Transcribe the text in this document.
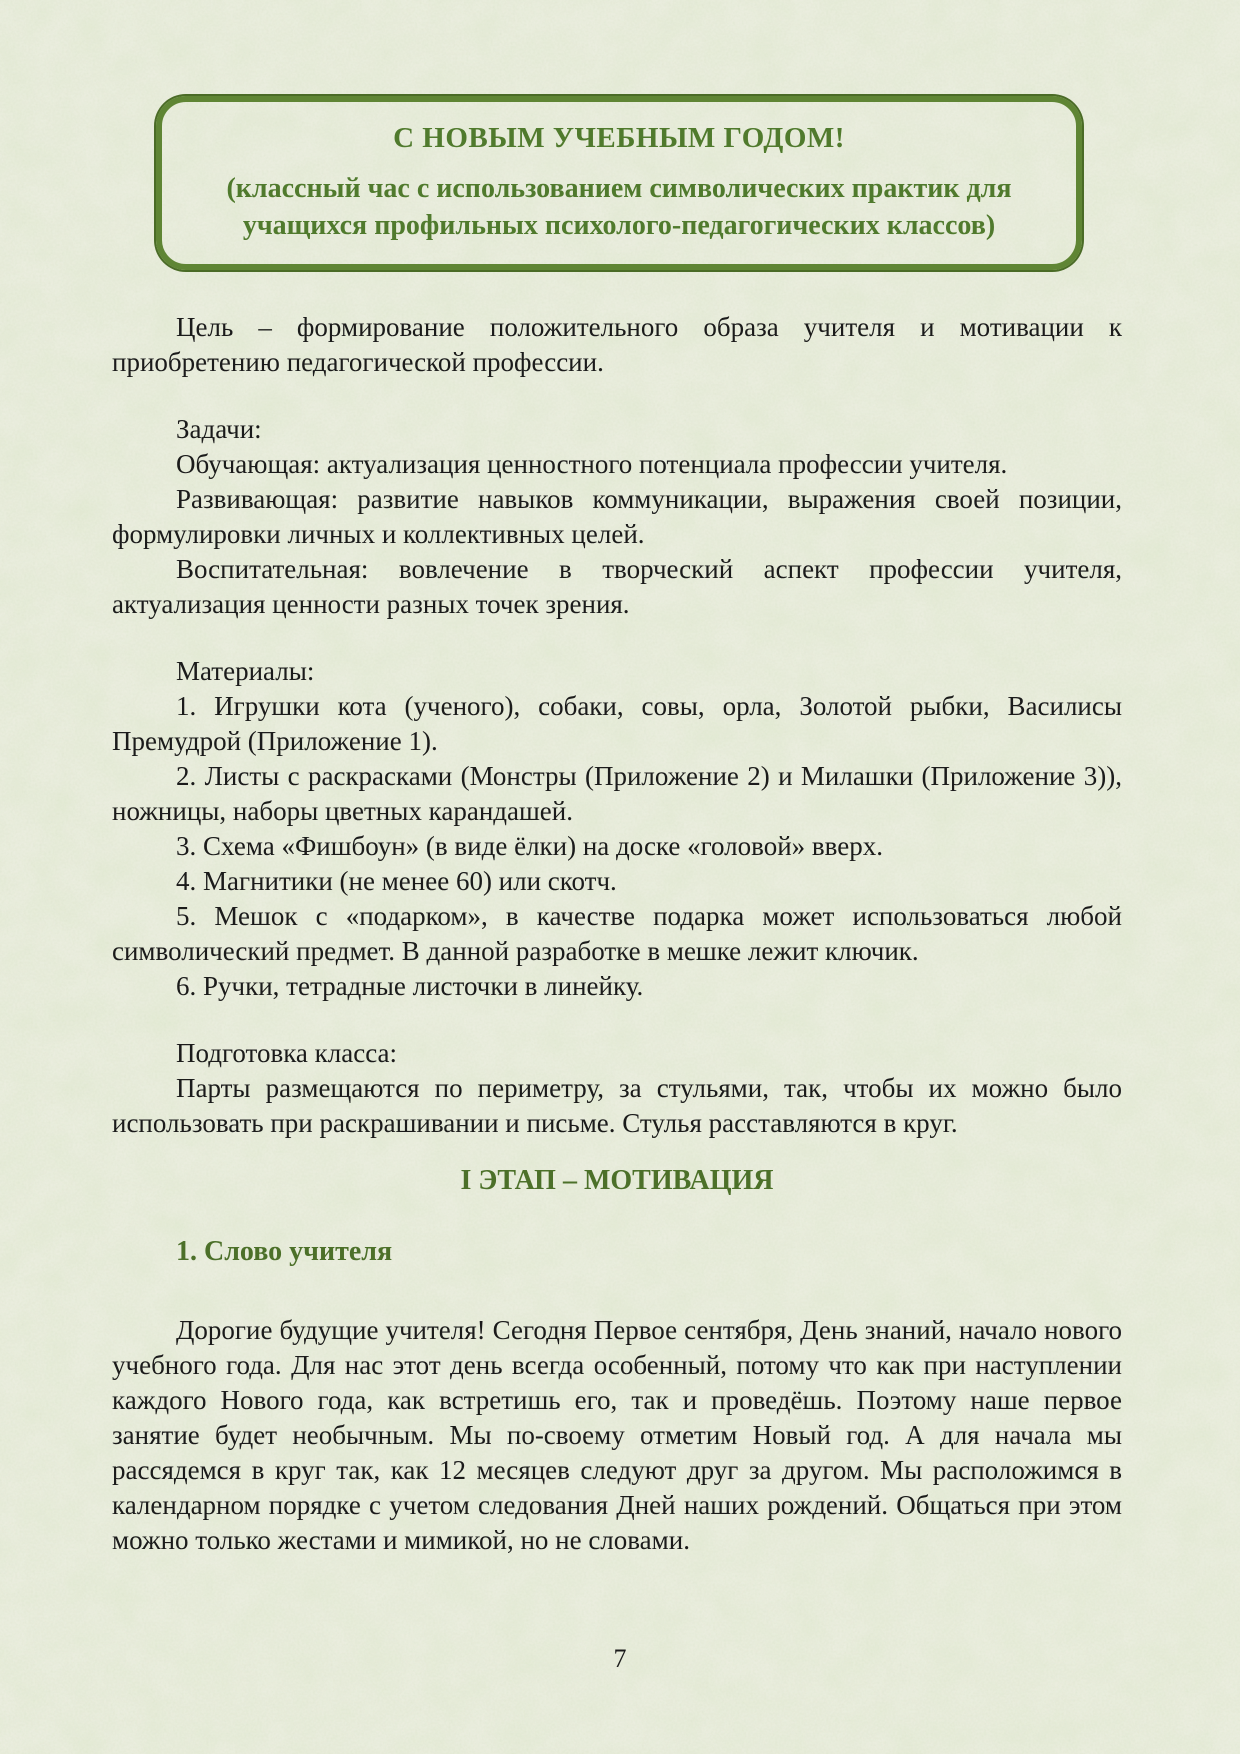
С НОВЫМ УЧЕБНЫМ ГОДОМ!

(классный час с использованием символических практик для учащихся профильных психолого-педагогических классов)

Цель – формирование положительного образа учителя и мотивации к приобретению педагогической профессии.

Задачи:

Обучающая: актуализация ценностного потенциала профессии учителя.

Развивающая: развитие навыков коммуникации, выражения своей позиции, формулировки личных и коллективных целей.

Воспитательная: вовлечение в творческий аспект профессии учителя, актуализация ценности разных точек зрения.

Материалы:

1. Игрушки кота (ученого), собаки, совы, орла, Золотой рыбки, Василисы Премудрой (Приложение 1).

2. Листы с раскрасками (Монстры (Приложение 2) и Милашки (Приложение 3)), ножницы, наборы цветных карандашей.

3. Схема «Фишбоун» (в виде ёлки) на доске «головой» вверх.

4. Магнитики (не менее 60) или скотч.

5. Мешок с «подарком», в качестве подарка может использоваться любой символический предмет. В данной разработке в мешке лежит ключик.

6. Ручки, тетрадные листочки в линейку.

Подготовка класса:

Парты размещаются по периметру, за стульями, так, чтобы их можно было использовать при раскрашивании и письме. Стулья расставляются в круг.

I ЭТАП – МОТИВАЦИЯ

1. Слово учителя

Дорогие будущие учителя! Сегодня Первое сентября, День знаний, начало нового учебного года. Для нас этот день всегда особенный, потому что как при наступлении каждого Нового года, как встретишь его, так и проведёшь. Поэтому наше первое занятие будет необычным. Мы по-своему отметим Новый год. А для начала мы рассядемся в круг так, как 12 месяцев следуют друг за другом. Мы расположимся в календарном порядке с учетом следования Дней наших рождений. Общаться при этом можно только жестами и мимикой, но не словами.

7
